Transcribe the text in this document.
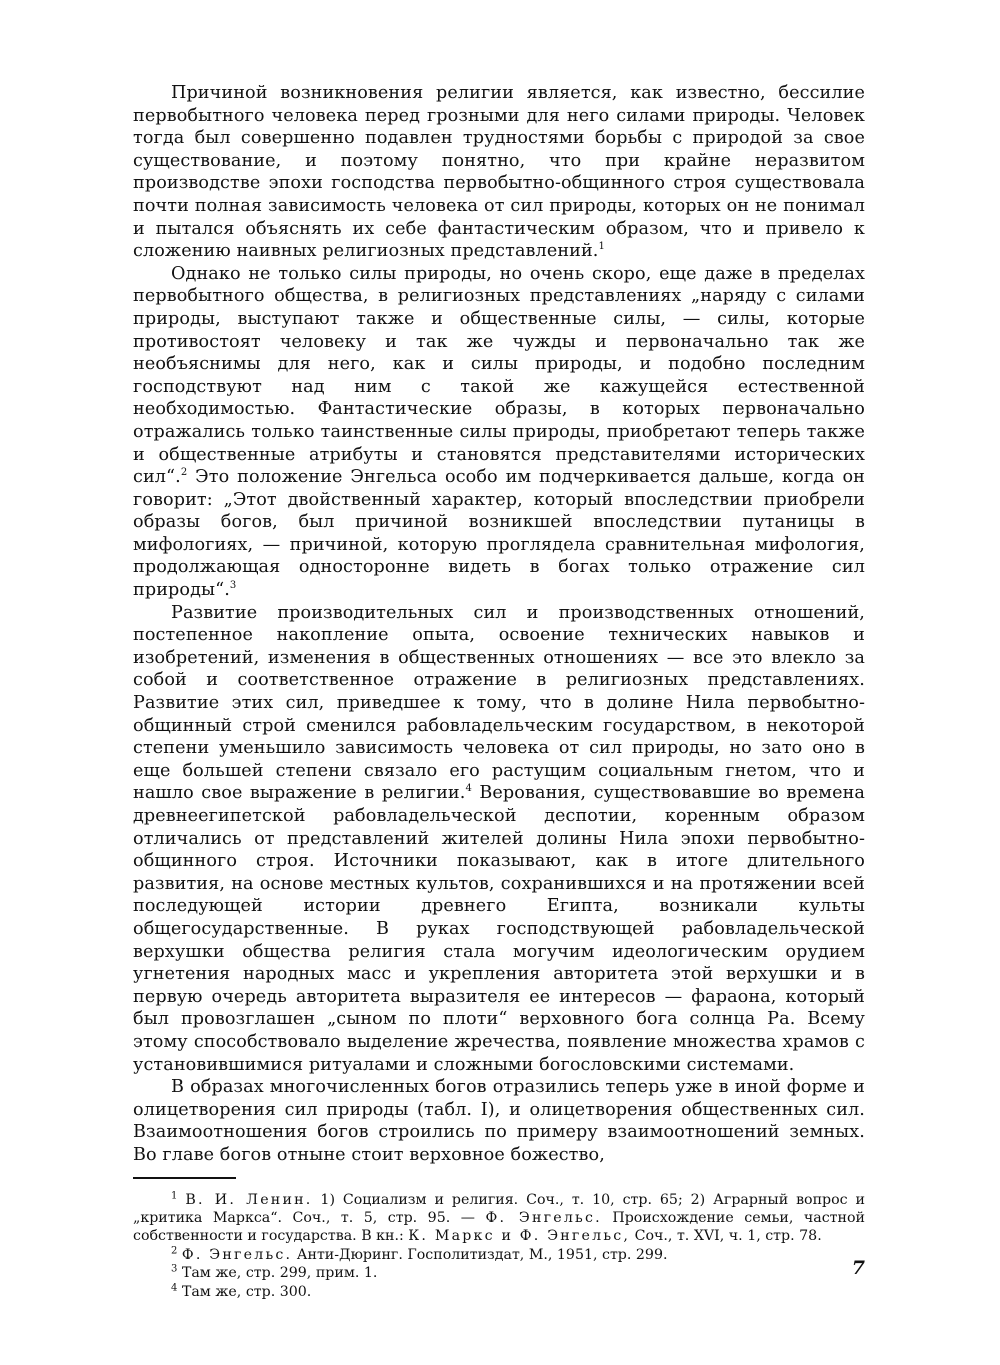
Причиной возникновения религии является, как известно, бессилие первобытного человека перед грозными для него силами природы. Человек тогда был совершенно подавлен трудностями борьбы с природой за свое существование, и поэтому понятно, что при крайне неразвитом производстве эпохи господства первобытно-общинного строя существовала почти полная зависимость человека от сил природы, которых он не понимал и пытался объяснять их себе фантастическим образом, что и привело к сложению наивных религиозных представлений.$^1$

Однако не только силы природы, но очень скоро, еще даже в пределах первобытного общества, в религиозных представлениях „наряду с силами природы, выступают также и общественные силы, — силы, которые противостоят человеку и так же чужды и первоначально так же необъяснимы для него, как и силы природы, и подобно последним господствуют над ним с такой же кажущейся естественной необходимостью. Фантастические образы, в которых первоначально отражались только таинственные силы природы, приобретают теперь также и общественные атрибуты и становятся представителями исторических сил“.$^2$ Это положение Энгельса особо им подчеркивается дальше, когда он говорит: „Этот двойственный характер, который впоследствии приобрели образы богов, был причиной возникшей впоследствии путаницы в мифологиях, — причиной, которую проглядела сравнительная мифология, продолжающая односторонне видеть в богах только отражение сил природы“.$^3$

Развитие производительных сил и производственных отношений, постепенное накопление опыта, освоение технических навыков и изобретений, изменения в общественных отношениях — все это влекло за собой и соответственное отражение в религиозных представлениях. Развитие этих сил, приведшее к тому, что в долине Нила первобытно-общинный строй сменился рабовладельческим государством, в некоторой степени уменьшило зависимость человека от сил природы, но зато оно в еще большей степени связало его растущим социальным гнетом, что и нашло свое выражение в религии.$^4$ Верования, существовавшие во времена древнеегипетской рабовладельческой деспотии, коренным образом отличались от представлений жителей долины Нила эпохи первобытно-общинного строя. Источники показывают, как в итоге длительного развития, на основе местных культов, сохранившихся и на протяжении всей последующей истории древнего Египта, возникали культы общегосударственные. В руках господствующей рабовладельческой верхушки общества религия стала могучим идеологическим орудием угнетения народных масс и укрепления авторитета этой верхушки и в первую очередь авторитета выразителя ее интересов — фараона, который был провозглашен „сыном по плоти“ верховного бога солнца Ра. Всему этому способствовало выделение жречества, появление множества храмов с установившимися ритуалами и сложными богословскими системами.

В образах многочисленных богов отразились теперь уже в иной форме и олицетворения сил природы (табл. I), и олицетворения общественных сил. Взаимоотношения богов строились по примеру взаимоотношений земных. Во главе богов отныне стоит верховное божество,

$^1$ В. И. Ленин. 1) Социализм и религия. Соч., т. 10, стр. 65; 2) Аграрный вопрос и „критика Маркса“. Соч., т. 5, стр. 95. — Ф. Энгельс. Происхождение семьи, частной собственности и государства. В кн.: К. Маркс и Ф. Энгельс, Соч., т. XVI, ч. 1, стр. 78.

$^2$ Ф. Энгельс. Анти-Дюринг. Госполитиздат, М., 1951, стр. 299.

$^3$ Там же, стр. 299, прим. 1.

$^4$ Там же, стр. 300.

7
